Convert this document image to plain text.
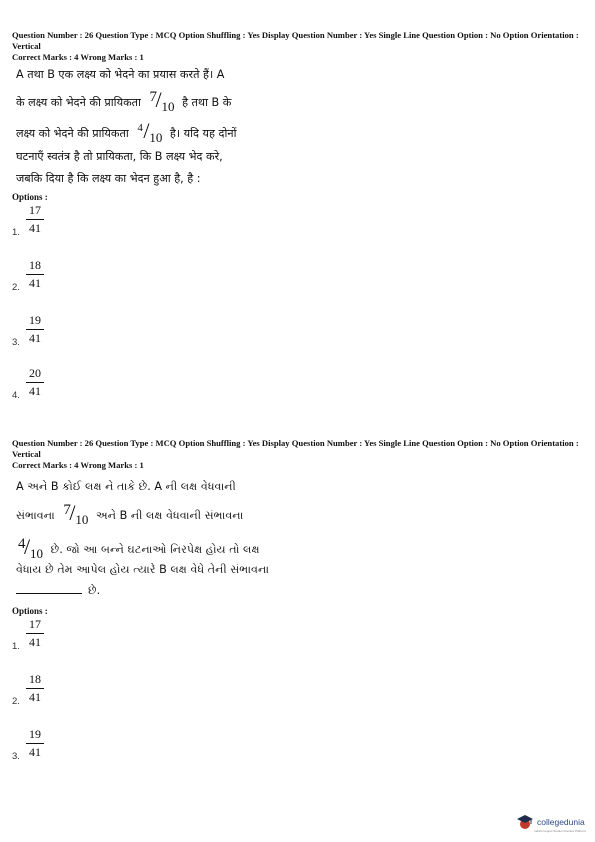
Question Number : 26 Question Type : MCQ Option Shuffling : Yes Display Question Number : Yes Single Line Question Option : No Option Orientation : Vertical
Correct Marks : 4 Wrong Marks : 1
A तथा B एक लक्ष्य को भेदने का प्रयास करते हैं। A
के लक्ष्य को भेदने की प्रायिकता 7
/ 10 है तथा B के
लक्ष्य को भेदने की प्रायिकता 4 / 10 है। यदि यह दोनों
घटनाएँ स्वतंत्र है तो प्रायिकता, कि B लक्ष्य भेद करे,
जबकि दिया है कि लक्ष्य का भेदन हुआ है, है :
Options :
1.
17
41
2.
18
41
3.
19
41
4.
20
41
Question Number : 26 Question Type : MCQ Option Shuffling : Yes Display Question Number : Yes Single Line Question Option : No Option Orientation : Vertical
Correct Marks : 4 Wrong Marks : 1
A અને B કોઈ લક્ષ ને તાકે છે. A ની લક્ષ વેધવાની
સંભાવના 7
/ 10 અને B ની લક્ષ વેધવાની સંભાવના
4
/ 10 છે. જો આ બન્ને ઘટનાઓ નિરપેક્ષ હોય તો લક્ષ
વેધાય છે તેમ આપેલ હોય ત્યારે B લક્ષ વેધે તેની સંભાવના
છે.
Options :
1.
17
41
2.
18
41
3.
19
41
collegedunia
India's largest Student Review Platform
